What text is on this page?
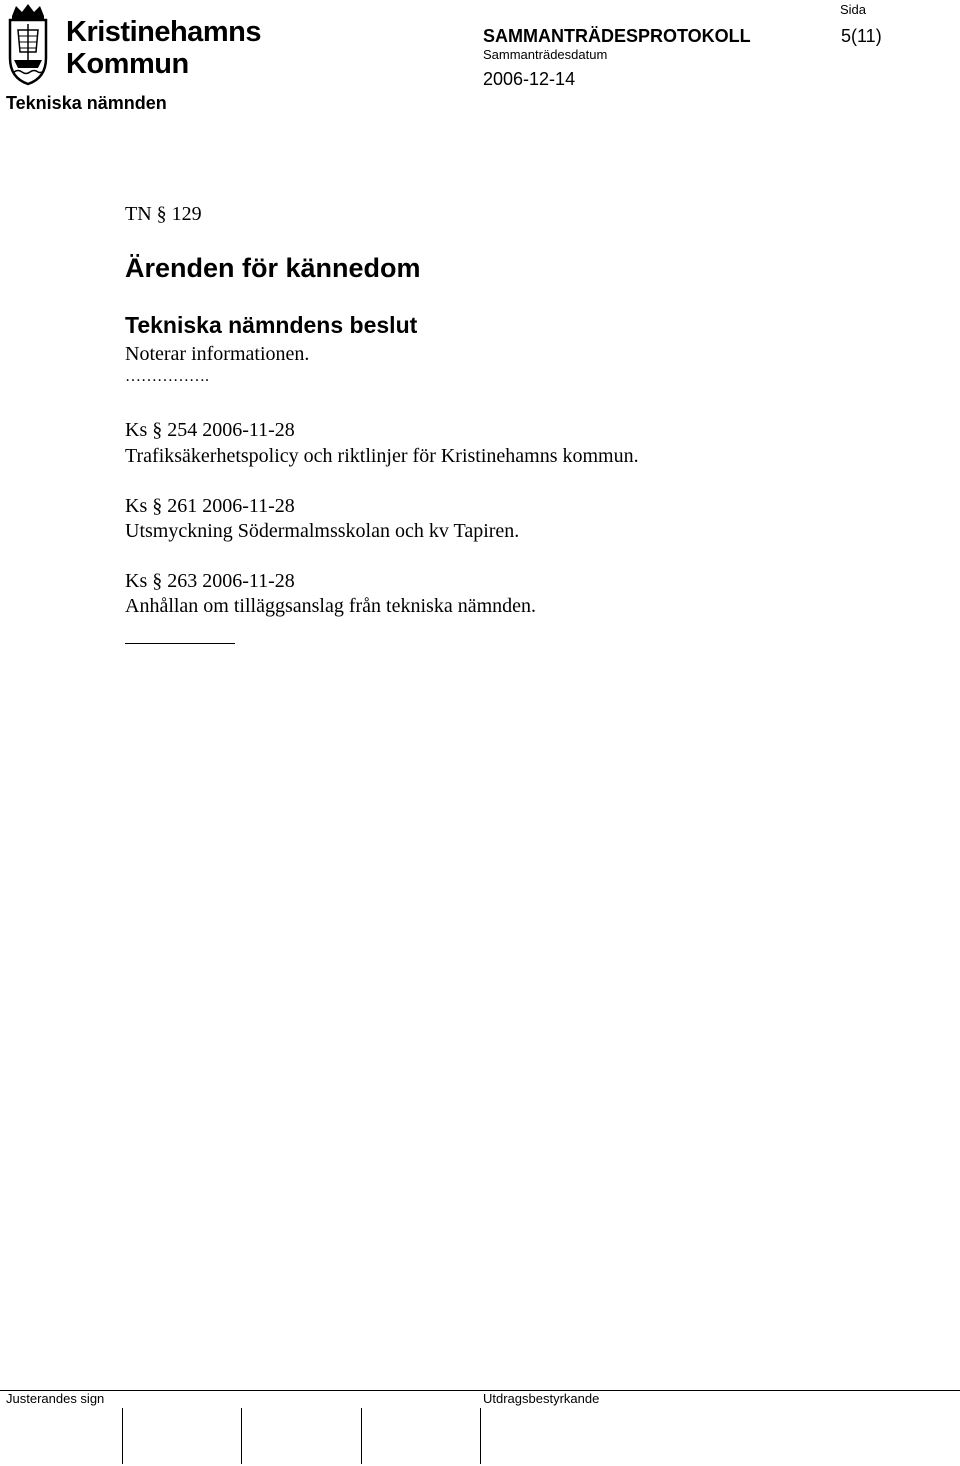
Kristinehamns
Kommun
Tekniska nämnden
Sida
SAMMANTRÄDESPROTOKOLL	5(11)
Sammanträdesdatum
2006-12-14
TN § 129
Ärenden för kännedom
Tekniska nämndens beslut
Noterar informationen.
…………….
Ks § 254 2006-11-28
Trafiksäkerhetspolicy och riktlinjer för Kristinehamns kommun.
Ks § 261 2006-11-28
Utsmyckning Södermalmsskolan och kv Tapiren.
Ks § 263 2006-11-28
Anhållan om tilläggsanslag från tekniska nämnden.
Justerandes sign	Utdragsbestyrkande
